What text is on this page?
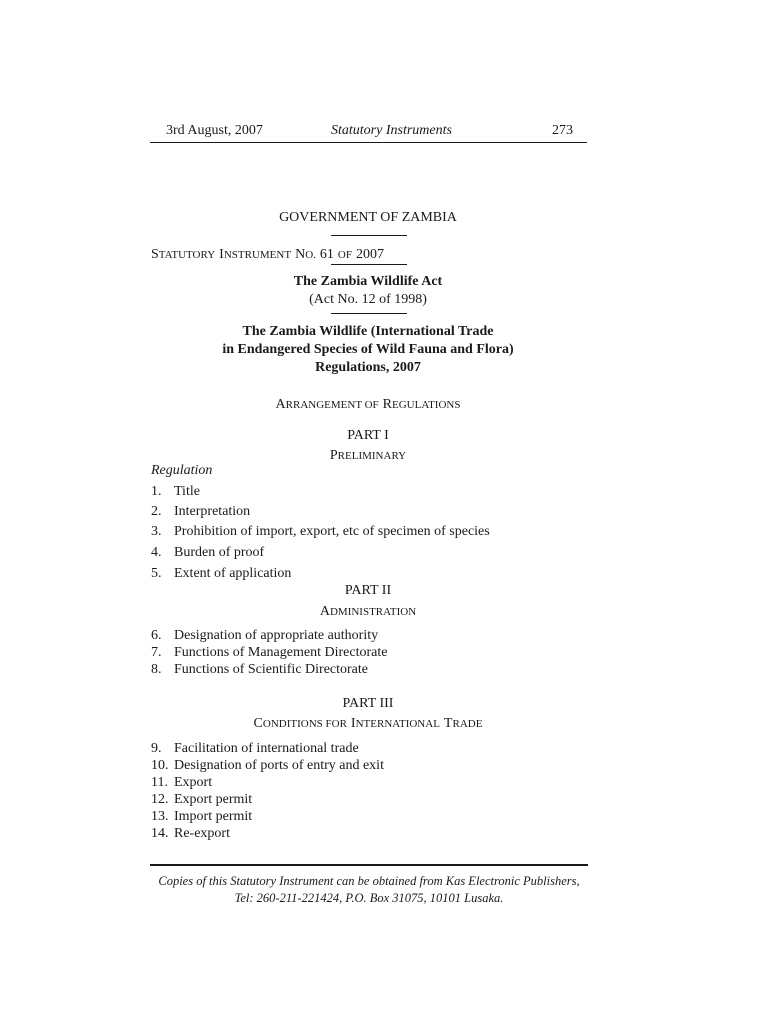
3rd August, 2007	Statutory Instruments	273
GOVERNMENT OF ZAMBIA
STATUTORY INSTRUMENT NO. 61 OF 2007
The Zambia Wildlife Act
(Act No. 12 of 1998)
The Zambia Wildlife (International Trade
in Endangered Species of Wild Fauna and Flora)
Regulations, 2007
ARRANGEMENT OF REGULATIONS
PART I
PRELIMINARY
Regulation
1. Title
2. Interpretation
3. Prohibition of import, export, etc of specimen of species
4. Burden of proof
5. Extent of application
PART II
ADMINISTRATION
6. Designation of appropriate authority
7. Functions of Management Directorate
8. Functions of Scientific Directorate
PART III
CONDITIONS FOR INTERNATIONAL TRADE
9. Facilitation of international trade
10. Designation of ports of entry and exit
11. Export
12. Export permit
13. Import permit
14. Re-export
Copies of this Statutory Instrument can be obtained from Kas Electronic Publishers,
Tel: 260-211-221424, P.O. Box 31075, 10101 Lusaka.
